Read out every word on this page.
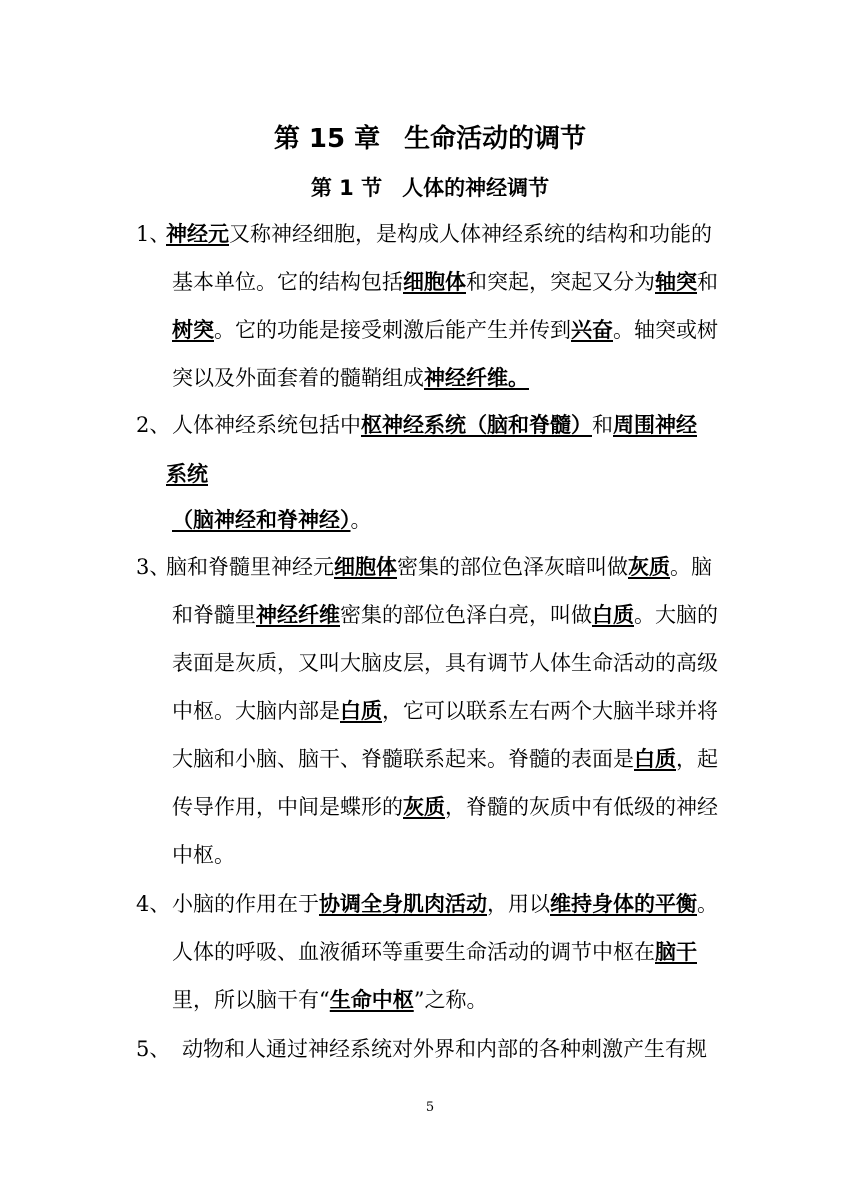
第 15 章 生命活动的调节
第 1 节 人体的神经调节
1、
神经元又称神经细胞，是构成人体神经系统的结构和功能的
基本单位。它的结构包括细胞体和突起，突起又分为轴突和
树突。它的功能是接受刺激后能产生并传到兴奋。轴突或树
突以及外面套着的髓鞘组成神经纤维。
2、 人体神经系统包括中枢神经系统（脑和脊髓）和周围神经
系统
（脑神经和脊神经）。
3、
脑和脊髓里神经元细胞体密集的部位色泽灰暗叫做灰质。脑
和脊髓里神经纤维密集的部位色泽白亮，叫做白质。大脑的
表面是灰质，又叫大脑皮层，具有调节人体生命活动的高级
中枢。大脑内部是白质，它可以联系左右两个大脑半球并将
大脑和小脑、脑干、脊髓联系起来。脊髓的表面是白质，起
传导作用，中间是蝶形的灰质，脊髓的灰质中有低级的神经
中枢。
4、 小脑的作用在于协调全身肌肉活动，用以维持身体的平衡。
人体的呼吸、血液循环等重要生命活动的调节中枢在脑干
里，所以脑干有“生命中枢”之称。
5、 动物和人通过神经系统对外界和内部的各种刺激产生有规
5
